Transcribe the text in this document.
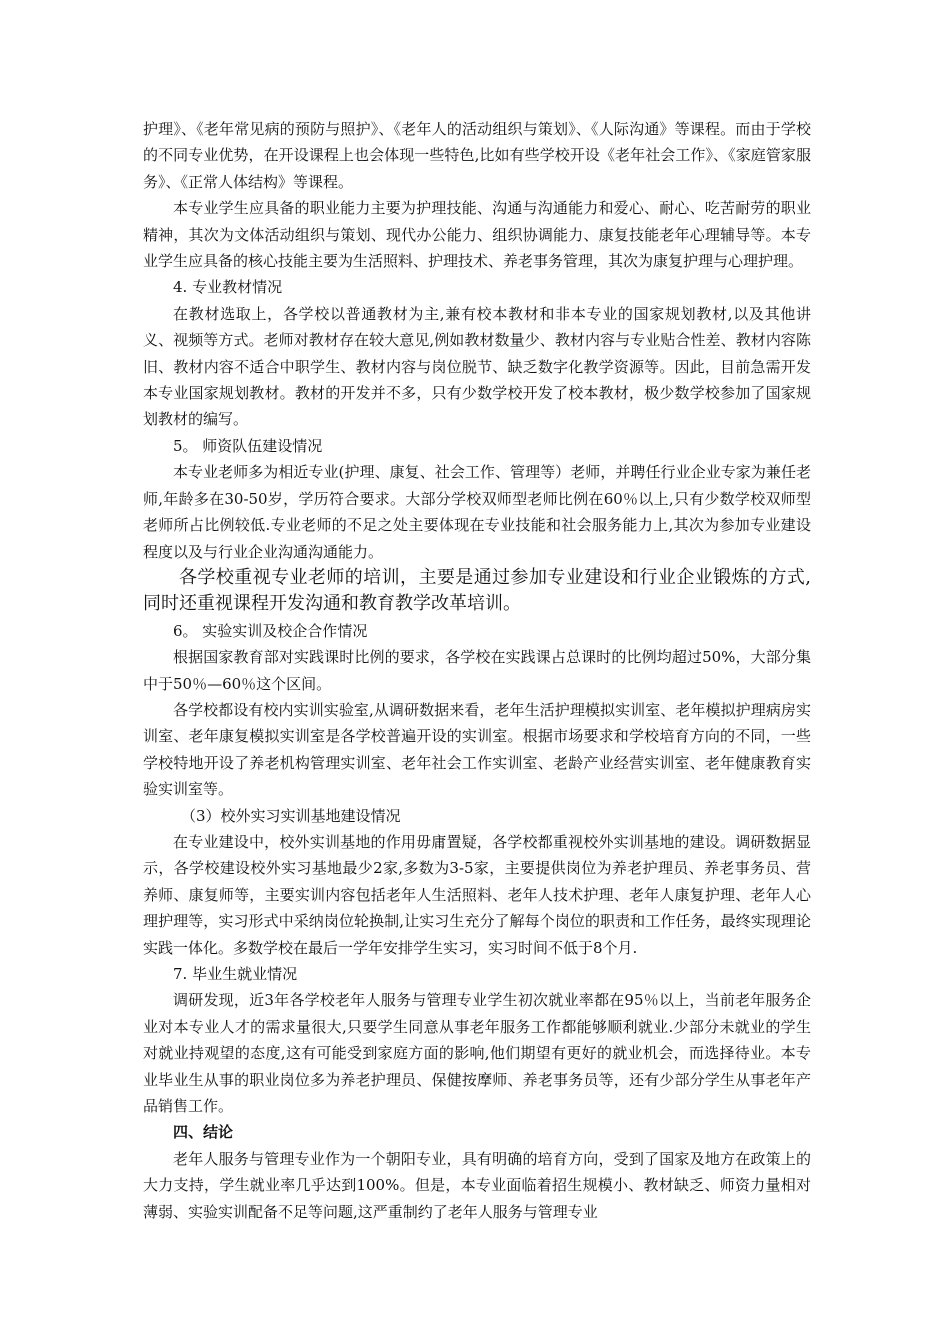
护理》、《老年常见病的预防与照护》、《老年人的活动组织与策划》、《人际沟通》等课程。而由于学校的不同专业优势，在开设课程上也会体现一些特色,比如有些学校开设《老年社会工作》、《家庭管家服务》、《正常人体结构》等课程。

本专业学生应具备的职业能力主要为护理技能、沟通与沟通能力和爱心、耐心、吃苦耐劳的职业精神，其次为文体活动组织与策划、现代办公能力、组织协调能力、康复技能老年心理辅导等。本专业学生应具备的核心技能主要为生活照料、护理技术、养老事务管理，其次为康复护理与心理护理。

4. 专业教材情况

在教材选取上，各学校以普通教材为主,兼有校本教材和非本专业的国家规划教材,以及其他讲义、视频等方式。老师对教材存在较大意见,例如教材数量少、教材内容与专业贴合性差、教材内容陈旧、教材内容不适合中职学生、教材内容与岗位脱节、缺乏数字化教学资源等。因此，目前急需开发本专业国家规划教材。教材的开发并不多，只有少数学校开发了校本教材，极少数学校参加了国家规划教材的编写。

5。 师资队伍建设情况

本专业老师多为相近专业(护理、康复、社会工作、管理等）老师，并聘任行业企业专家为兼任老师,年龄多在30-50岁，学历符合要求。大部分学校双师型老师比例在60％以上,只有少数学校双师型老师所占比例较低.专业老师的不足之处主要体现在专业技能和社会服务能力上,其次为参加专业建设程度以及与行业企业沟通沟通能力。

各学校重视专业老师的培训，主要是通过参加专业建设和行业企业锻炼的方式,同时还重视课程开发沟通和教育教学改革培训。

6。 实验实训及校企合作情况

根据国家教育部对实践课时比例的要求，各学校在实践课占总课时的比例均超过50%，大部分集中于50％—60％这个区间。

各学校都设有校内实训实验室,从调研数据来看，老年生活护理模拟实训室、老年模拟护理病房实训室、老年康复模拟实训室是各学校普遍开设的实训室。根据市场要求和学校培育方向的不同，一些学校特地开设了养老机构管理实训室、老年社会工作实训室、老龄产业经营实训室、老年健康教育实验实训室等。

（3）校外实习实训基地建设情况

在专业建设中，校外实训基地的作用毋庸置疑，各学校都重视校外实训基地的建设。调研数据显示，各学校建设校外实习基地最少2家,多数为3-5家，主要提供岗位为养老护理员、养老事务员、营养师、康复师等，主要实训内容包括老年人生活照料、老年人技术护理、老年人康复护理、老年人心理护理等，实习形式中采纳岗位轮换制,让实习生充分了解每个岗位的职责和工作任务，最终实现理论实践一体化。多数学校在最后一学年安排学生实习，实习时间不低于8个月.

7. 毕业生就业情况

调研发现，近3年各学校老年人服务与管理专业学生初次就业率都在95％以上，当前老年服务企业对本专业人才的需求量很大,只要学生同意从事老年服务工作都能够顺利就业.少部分未就业的学生对就业持观望的态度,这有可能受到家庭方面的影响,他们期望有更好的就业机会，而选择待业。本专业毕业生从事的职业岗位多为养老护理员、保健按摩师、养老事务员等，还有少部分学生从事老年产品销售工作。

四、结论

老年人服务与管理专业作为一个朝阳专业，具有明确的培育方向，受到了国家及地方在政策上的大力支持，学生就业率几乎达到100%。但是，本专业面临着招生规模小、教材缺乏、师资力量相对薄弱、实验实训配备不足等问题,这严重制约了老年人服务与管理专业
